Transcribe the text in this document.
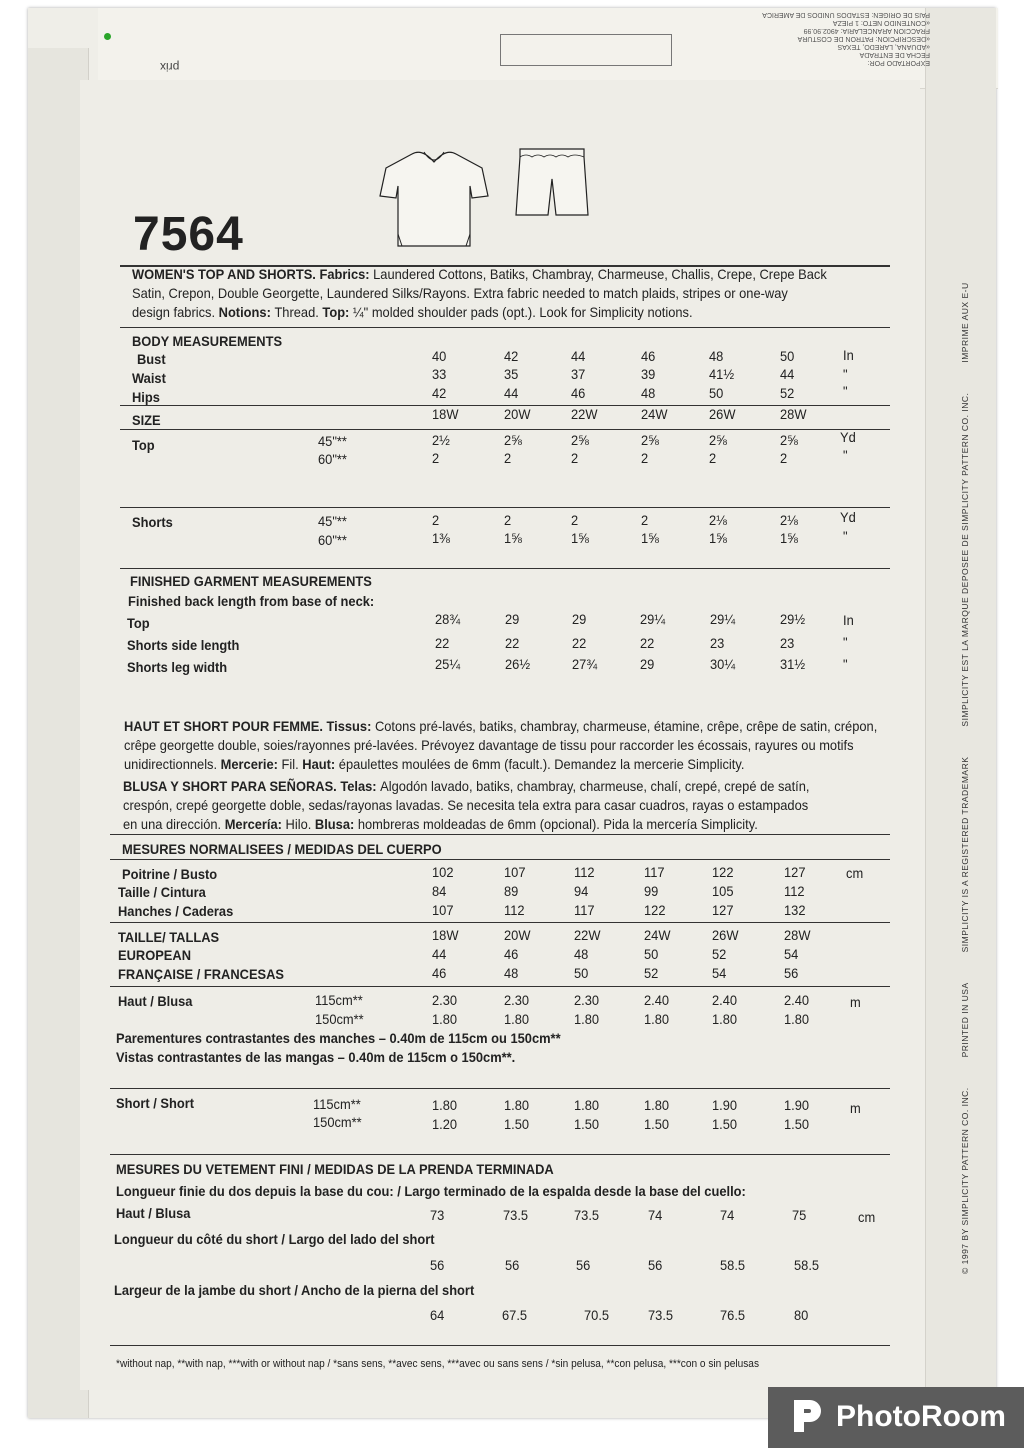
prix	EXPORTADO POR:
FECHA DE ENTRADA
«ADUANA, LAREDO, TEXAS
«DESCRIPCION: PATRON DE COSTURA
FRACCION ARANCELARIA: 4902.90.99
«CONTENIDO NETO: 1 PIEZA
PAIS DE ORIGEN: ESTADOS UNIDOS DE AMERICA
© 1997 BY SIMPLICITY PATTERN CO. INC.PRINTED IN USASIMPLICITY IS A REGISTERED TRADEMARKSIMPLICITY EST LA MARQUE DEPOSEE DE SIMPLICITY PATTERN CO. INC.IMPRIME AUX E-U
7564
WOMEN'S TOP AND SHORTS. Fabrics: Laundered Cottons, Batiks, Chambray, Charmeuse, Challis, Crepe, Crepe Back
Satin, Crepon, Double Georgette, Laundered Silks/Rayons. Extra fabric needed to match plaids, stripes or one-way
design fabrics. Notions: Thread. Top: ¼" molded shoulder pads (opt.). Look for Simplicity notions.
BODY MEASUREMENTS
Bust	40	42	44	46	48	50	In
Waist	33	35	37	39	41½	44	"
Hips	42	44	46	48	50	52	"
SIZE	18W	20W	22W	24W	26W	28W
Top	45"**	2½	2⅝	2⅝	2⅝	2⅝	2⅝	Yd
60"**	2	2	2	2	2	2	"
Shorts	45"**	2	2	2	2	2⅛	2⅛	Yd
60"**	1⅜	1⅝	1⅝	1⅝	1⅝	1⅝	"
FINISHED GARMENT MEASUREMENTS
Finished back length from base of neck:
Top	28¾	29	29	29¼	29¼	29½	In
Shorts side length	22	22	22	22	23	23	"
Shorts leg width	25¼	26½	27¾	29	30¼	31½	"
HAUT ET SHORT POUR FEMME. Tissus: Cotons pré-lavés, batiks, chambray, charmeuse, étamine, crêpe, crêpe de satin, crépon,
crêpe georgette double, soies/rayonnes pré-lavées. Prévoyez davantage de tissu pour raccorder les écossais, rayures ou motifs
unidirectionnels. Mercerie: Fil. Haut: épaulettes moulées de 6mm (facult.). Demandez la mercerie Simplicity.
BLUSA Y SHORT PARA SEÑORAS. Telas: Algodón lavado, batiks, chambray, charmeuse, chalí, crepé, crepé de satín,
crespón, crepé georgette doble, sedas/rayonas lavadas. Se necesita tela extra para casar cuadros, rayas o estampados
en una dirección. Mercería: Hilo. Blusa: hombreras moldeadas de 6mm (opcional). Pida la mercería Simplicity.
MESURES NORMALISEES / MEDIDAS DEL CUERPO
Poitrine / Busto	102	107	112	117	122	127	cm
Taille / Cintura	84	89	94	99	105	112
Hanches / Caderas	107	112	117	122	127	132
TAILLE/ TALLAS	18W	20W	22W	24W	26W	28W
EUROPEAN	44	46	48	50	52	54
FRANÇAISE / FRANCESAS	46	48	50	52	54	56
Haut / Blusa	115cm**	2.30	2.30	2.30	2.40	2.40	2.40	m
150cm**	1.80	1.80	1.80	1.80	1.80	1.80
Parementures contrastantes des manches – 0.40m de 115cm ou 150cm**
Vistas contrastantes de las mangas – 0.40m de 115cm o 150cm**.
Short / Short	115cm**	1.80	1.80	1.80	1.80	1.90	1.90	m
150cm**	1.20	1.50	1.50	1.50	1.50	1.50
MESURES DU VETEMENT FINI / MEDIDAS DE LA PRENDA TERMINADA
Longueur finie du dos depuis la base du cou: / Largo terminado de la espalda desde la base del cuello:
Haut / Blusa	73	73.5	73.5	74	74	75	cm
Longueur du côté du short / Largo del lado del short
56	56	56	56	58.5	58.5
Largeur de la jambe du short / Ancho de la pierna del short
64	67.5	70.5	73.5	76.5	80
*without nap, **with nap, ***with or without nap / *sans sens, **avec sens, ***avec ou sans sens / *sin pelusa, **con pelusa, ***con o sin pelusas
PhotoRoom
